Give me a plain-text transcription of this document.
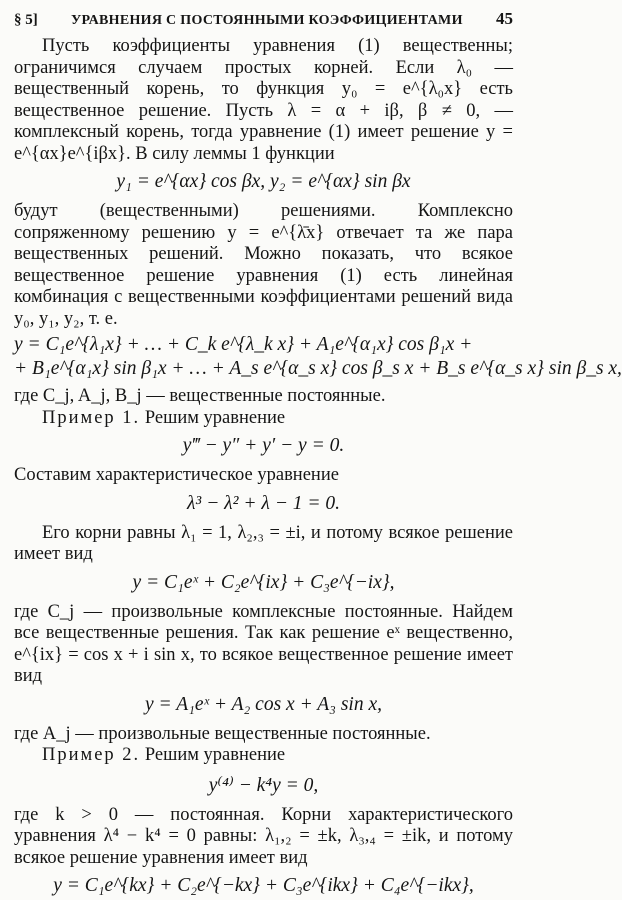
§ 5] УРАВНЕНИЯ С ПОСТОЯННЫМИ КОЭФФИЦИЕНТАМИ 45

Пусть коэффициенты уравнения (1) вещественны; ограничимся случаем простых корней. Если λ₀ — вещественный корень, то функция y₀ = e^{λ₀x} есть вещественное решение. Пусть λ = α + iβ, β ≠ 0, — комплексный корень, тогда уравнение (1) имеет решение y = e^{αx}e^{iβx}. В силу леммы 1 функции

y₁ = e^{αx} cos βx, y₂ = e^{αx} sin βx

будут (вещественными) решениями. Комплексно сопряженному решению y = e^{λ̄x} отвечает та же пара вещественных решений. Можно показать, что всякое вещественное решение уравнения (1) есть линейная комбинация с вещественными коэффициентами решений вида y₀, y₁, y₂, т. е.

y = C₁e^{λ₁x} + … + C_k e^{λ_k x} + A₁e^{α₁x} cos β₁x +
+ B₁e^{α₁x} sin β₁x + … + A_s e^{α_s x} cos β_s x + B_s e^{α_s x} sin β_s x,

где C_j, A_j, B_j — вещественные постоянные.

Пример 1. Решим уравнение

y‴ − y″ + y′ − y = 0.

Составим характеристическое уравнение

λ³ − λ² + λ − 1 = 0.

Его корни равны λ₁ = 1, λ₂,₃ = ±i, и потому всякое решение имеет вид

y = C₁eˣ + C₂e^{ix} + C₃e^{−ix},

где C_j — произвольные комплексные постоянные. Найдем все вещественные решения. Так как решение eˣ вещественно, e^{ix} = cos x + i sin x, то всякое вещественное решение имеет вид

y = A₁eˣ + A₂ cos x + A₃ sin x,

где A_j — произвольные вещественные постоянные.

Пример 2. Решим уравнение

y⁽⁴⁾ − k⁴y = 0,

где k > 0 — постоянная. Корни характеристического уравнения λ⁴ − k⁴ = 0 равны: λ₁,₂ = ±k, λ₃,₄ = ±ik, и потому всякое решение уравнения имеет вид

y = C₁e^{kx} + C₂e^{−kx} + C₃e^{ikx} + C₄e^{−ikx},
